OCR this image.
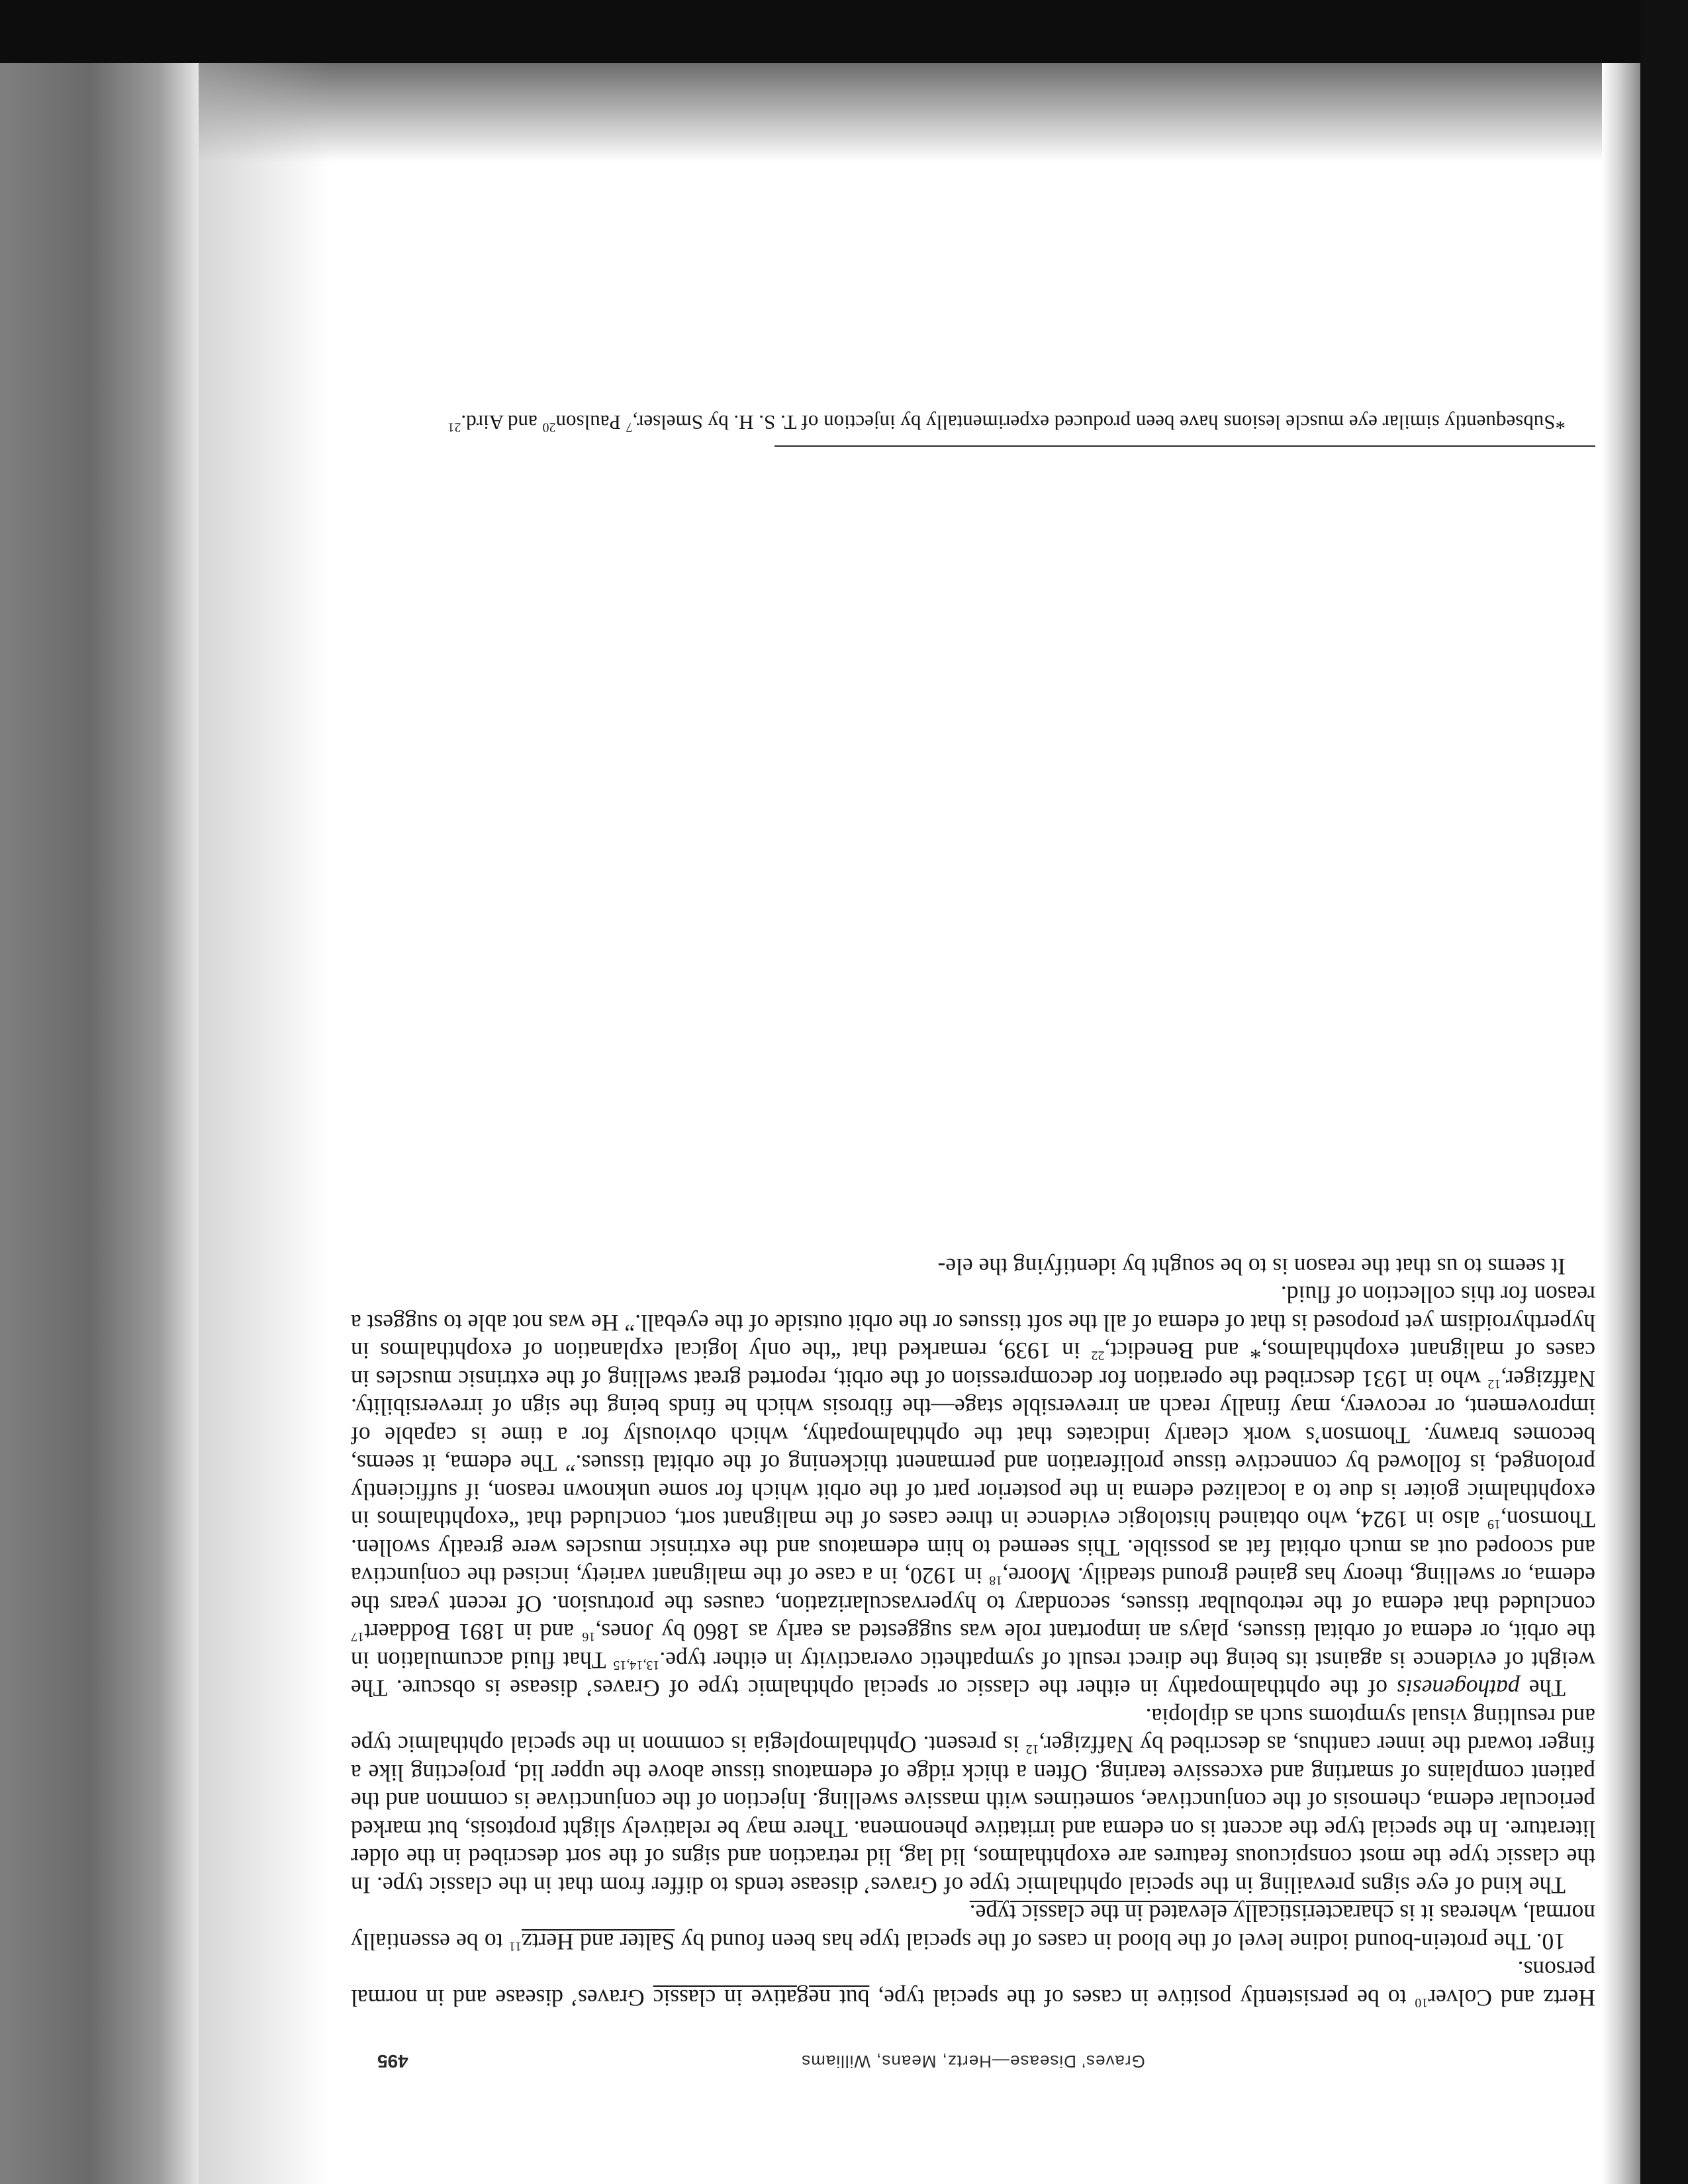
Graves’ Disease—Hertz, Means, Williams
495

Hertz and Colver$^{10}$ to be persistently positive in cases of the special type, but negative in classic Graves’ disease and in normal persons.

10. The protein-bound iodine level of the blood in cases of the special type has been found by Salter and Hertz$^{11}$ to be essentially normal, whereas it is characteristically elevated in the classic type.

The kind of eye signs prevailing in the special ophthalmic type of Graves’ disease tends to differ from that in the classic type. In the classic type the most conspicuous features are exophthalmos, lid lag, lid retraction and signs of the sort described in the older literature. In the special type the accent is on edema and irritative phenomena. There may be relatively slight proptosis, but marked periocular edema, chemosis of the conjunctivae, sometimes with massive swelling. Injection of the conjunctivae is common and the patient complains of smarting and excessive tearing. Often a thick ridge of edematous tissue above the upper lid, projecting like a finger toward the inner canthus, as described by Naffziger,$^{12}$ is present. Ophthalmoplegia is common in the special ophthalmic type and resulting visual symptoms such as diplopia.

The pathogenesis of the ophthalmopathy in either the classic or special ophthalmic type of Graves’ disease is obscure. The weight of evidence is against its being the direct result of sympathetic overactivity in either type.$^{13,14,15}$ That fluid accumulation in the orbit, or edema of orbital tissues, plays an important role was suggested as early as 1860 by Jones,$^{16}$ and in 1891 Boddaert$^{17}$ concluded that edema of the retrobulbar tissues, secondary to hypervascularization, causes the protrusion. Of recent years the edema, or swelling, theory has gained ground steadily. Moore,$^{18}$ in 1920, in a case of the malignant variety, incised the conjunctiva and scooped out as much orbital fat as possible. This seemed to him edematous and the extrinsic muscles were greatly swollen. Thomson,$^{19}$ also in 1924, who obtained histologic evidence in three cases of the malignant sort, concluded that “exophthalmos in exophthalmic goiter is due to a localized edema in the posterior part of the orbit which for some unknown reason, if sufficiently prolonged, is followed by connective tissue proliferation and permanent thickening of the orbital tissues.” The edema, it seems, becomes brawny. Thomson’s work clearly indicates that the ophthalmopathy, which obviously for a time is capable of improvement, or recovery, may finally reach an irreversible stage—the fibrosis which he finds being the sign of irreversibility. Naffziger,$^{12}$ who in 1931 described the operation for decompression of the orbit, reported great swelling of the extrinsic muscles in cases of malignant exophthalmos,* and Benedict,$^{22}$ in 1939, remarked that “the only logical explanation of exophthalmos in hyperthyroidism yet proposed is that of edema of all the soft tissues or the orbit outside of the eyeball.” He was not able to suggest a reason for this collection of fluid.

It seems to us that the reason is to be sought by identifying the ele-

*Subsequently similar eye muscle lesions have been produced experimentally by injection of T. S. H. by Smelser,$^7$ Paulson$^{20}$ and Aird.$^{21}$
